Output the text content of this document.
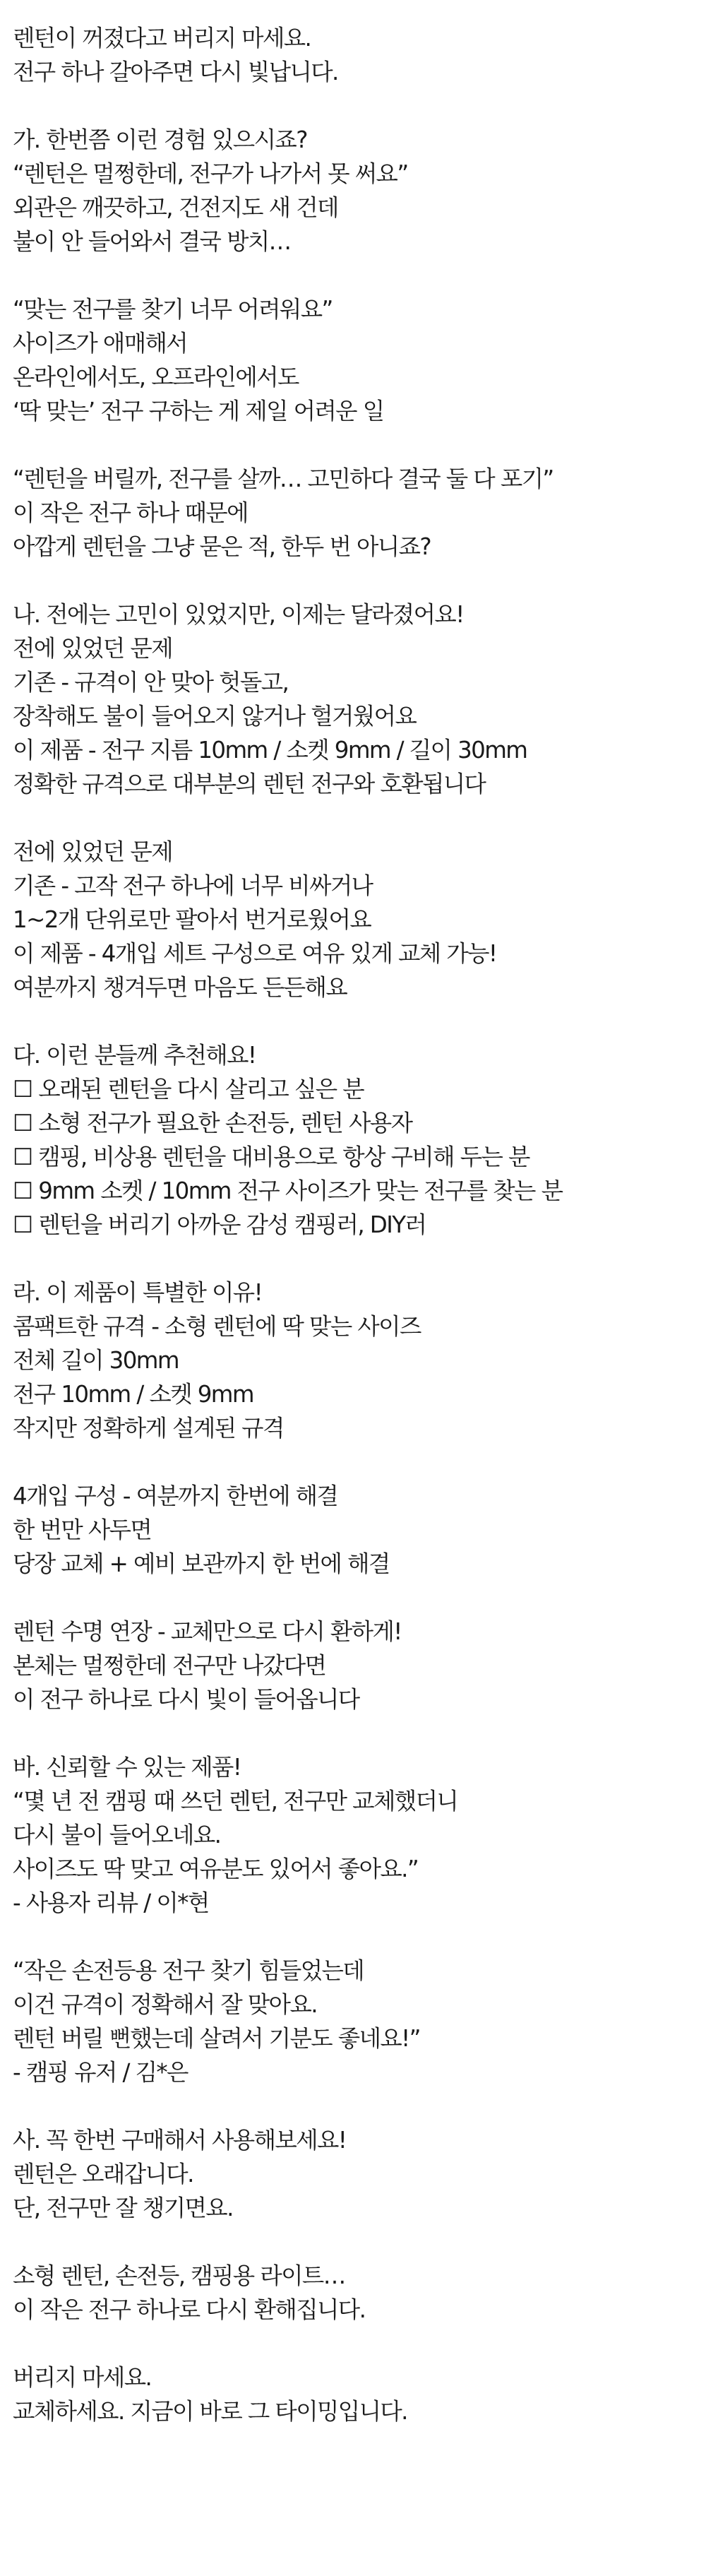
렌턴이 꺼졌다고 버리지 마세요.
전구 하나 갈아주면 다시 빛납니다.
가. 한번쯤 이런 경험 있으시죠?
“렌턴은 멀쩡한데, 전구가 나가서 못 써요”
외관은 깨끗하고, 건전지도 새 건데
불이 안 들어와서 결국 방치…
“맞는 전구를 찾기 너무 어려워요”
사이즈가 애매해서
온라인에서도, 오프라인에서도
‘딱 맞는’ 전구 구하는 게 제일 어려운 일
“렌턴을 버릴까, 전구를 살까… 고민하다 결국 둘 다 포기”
이 작은 전구 하나 때문에
아깝게 렌턴을 그냥 묻은 적, 한두 번 아니죠?
나. 전에는 고민이 있었지만, 이제는 달라졌어요!
전에 있었던 문제
기존 - 규격이 안 맞아 헛돌고,
장착해도 불이 들어오지 않거나 헐거웠어요
이 제품 - 전구 지름 10mm / 소켓 9mm / 길이 30mm
정확한 규격으로 대부분의 렌턴 전구와 호환됩니다
전에 있었던 문제
기존 - 고작 전구 하나에 너무 비싸거나
1~2개 단위로만 팔아서 번거로웠어요
이 제품 - 4개입 세트 구성으로 여유 있게 교체 가능!
여분까지 챙겨두면 마음도 든든해요
다. 이런 분들께 추천해요!
☐ 오래된 렌턴을 다시 살리고 싶은 분
☐ 소형 전구가 필요한 손전등, 렌턴 사용자
☐ 캠핑, 비상용 렌턴을 대비용으로 항상 구비해 두는 분
☐ 9mm 소켓 / 10mm 전구 사이즈가 맞는 전구를 찾는 분
☐ 렌턴을 버리기 아까운 감성 캠핑러, DIY러
라. 이 제품이 특별한 이유!
콤팩트한 규격 - 소형 렌턴에 딱 맞는 사이즈
전체 길이 30mm
전구 10mm / 소켓 9mm
작지만 정확하게 설계된 규격
4개입 구성 - 여분까지 한번에 해결
한 번만 사두면
당장 교체 + 예비 보관까지 한 번에 해결
렌턴 수명 연장 - 교체만으로 다시 환하게!
본체는 멀쩡한데 전구만 나갔다면
이 전구 하나로 다시 빛이 들어옵니다
바. 신뢰할 수 있는 제품!
“몇 년 전 캠핑 때 쓰던 렌턴, 전구만 교체했더니
다시 불이 들어오네요.
사이즈도 딱 맞고 여유분도 있어서 좋아요.”
- 사용자 리뷰 / 이*현
“작은 손전등용 전구 찾기 힘들었는데
이건 규격이 정확해서 잘 맞아요.
렌턴 버릴 뻔했는데 살려서 기분도 좋네요!”
- 캠핑 유저 / 김*은
사. 꼭 한번 구매해서 사용해보세요!
렌턴은 오래갑니다.
단, 전구만 잘 챙기면요.
소형 렌턴, 손전등, 캠핑용 라이트…
이 작은 전구 하나로 다시 환해집니다.
버리지 마세요.
교체하세요. 지금이 바로 그 타이밍입니다.
